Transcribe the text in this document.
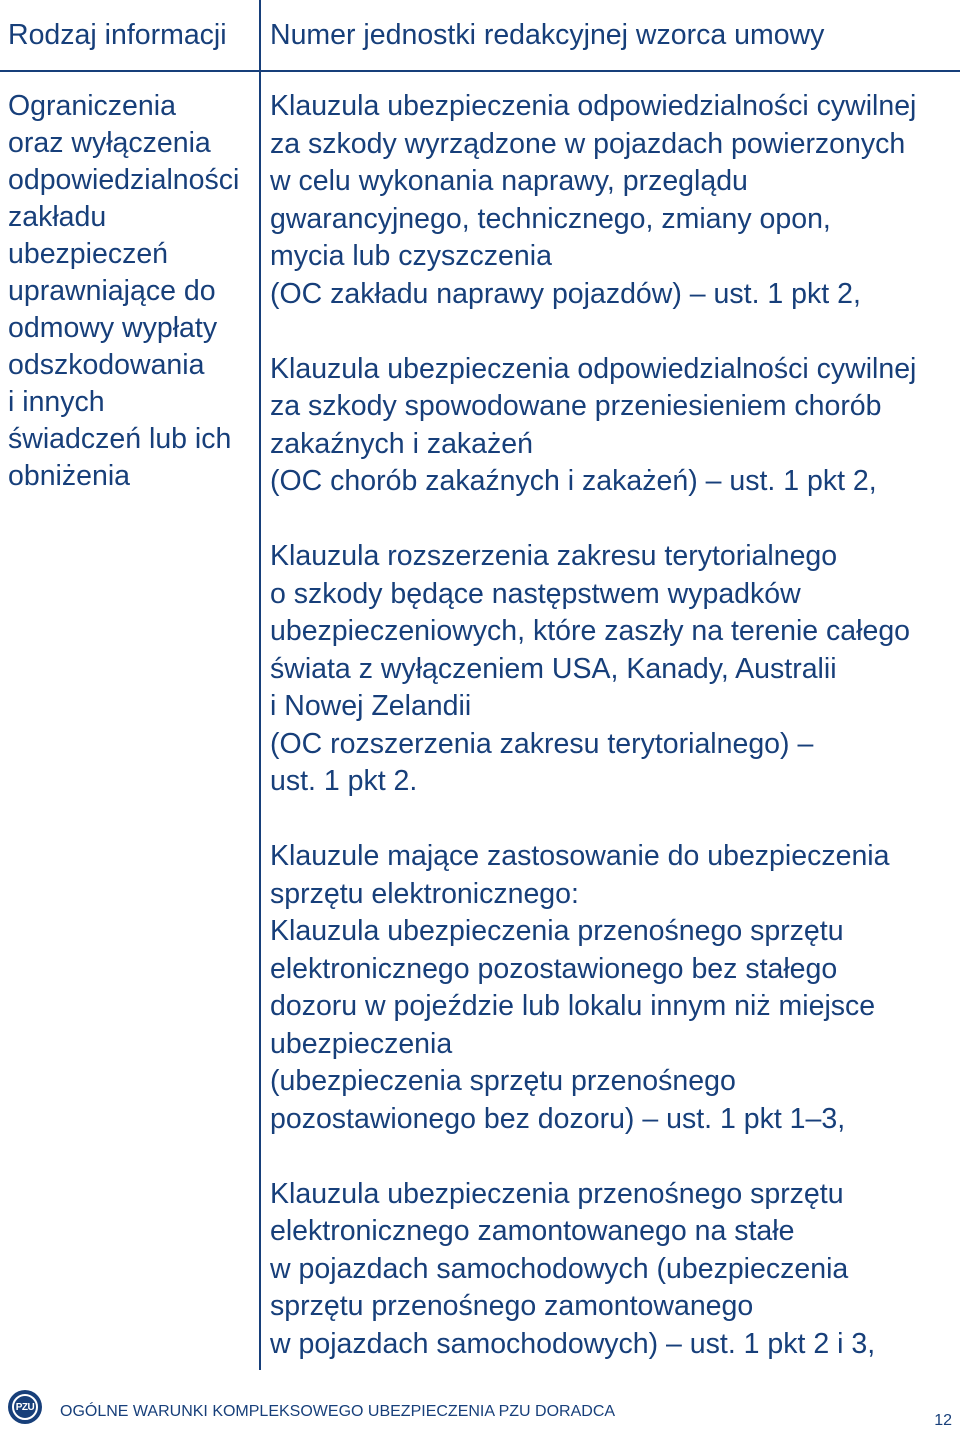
Rodzaj informacji Numer jednostki redakcyjnej wzorca umowy
Ograniczenia
oraz wyłączenia
odpowiedzialności
zakładu
ubezpieczeń
uprawniające do
odmowy wypłaty
odszkodowania
i innych
świadczeń lub ich
obniżenia
Klauzula ubezpieczenia odpowiedzialności cywilnej
za szkody wyrządzone w pojazdach powierzonych
w celu wykonania naprawy, przeglądu
gwarancyjnego, technicznego, zmiany opon,
mycia lub czyszczenia
(OC zakładu naprawy pojazdów) – ust. 1 pkt 2,
Klauzula ubezpieczenia odpowiedzialności cywilnej
za szkody spowodowane przeniesieniem chorób
zakaźnych i zakażeń
(OC chorób zakaźnych i zakażeń) – ust. 1 pkt 2,
Klauzula rozszerzenia zakresu terytorialnego
o szkody będące następstwem wypadków
ubezpieczeniowych, które zaszły na terenie całego
świata z wyłączeniem USA, Kanady, Australii
i Nowej Zelandii
(OC rozszerzenia zakresu terytorialnego) –
ust. 1 pkt 2.
Klauzule mające zastosowanie do ubezpieczenia
sprzętu elektronicznego:
Klauzula ubezpieczenia przenośnego sprzętu
elektronicznego pozostawionego bez stałego
dozoru w pojeździe lub lokalu innym niż miejsce
ubezpieczenia
(ubezpieczenia sprzętu przenośnego
pozostawionego bez dozoru) – ust. 1 pkt 1–3,
Klauzula ubezpieczenia przenośnego sprzętu
elektronicznego zamontowanego na stałe
w pojazdach samochodowych (ubezpieczenia
sprzętu przenośnego zamontowanego
w pojazdach samochodowych) – ust. 1 pkt 2 i 3,
PZU OGÓLNE WARUNKI KOMPLEKSOWEGO UBEZPIECZENIA PZU DORADCA
12
